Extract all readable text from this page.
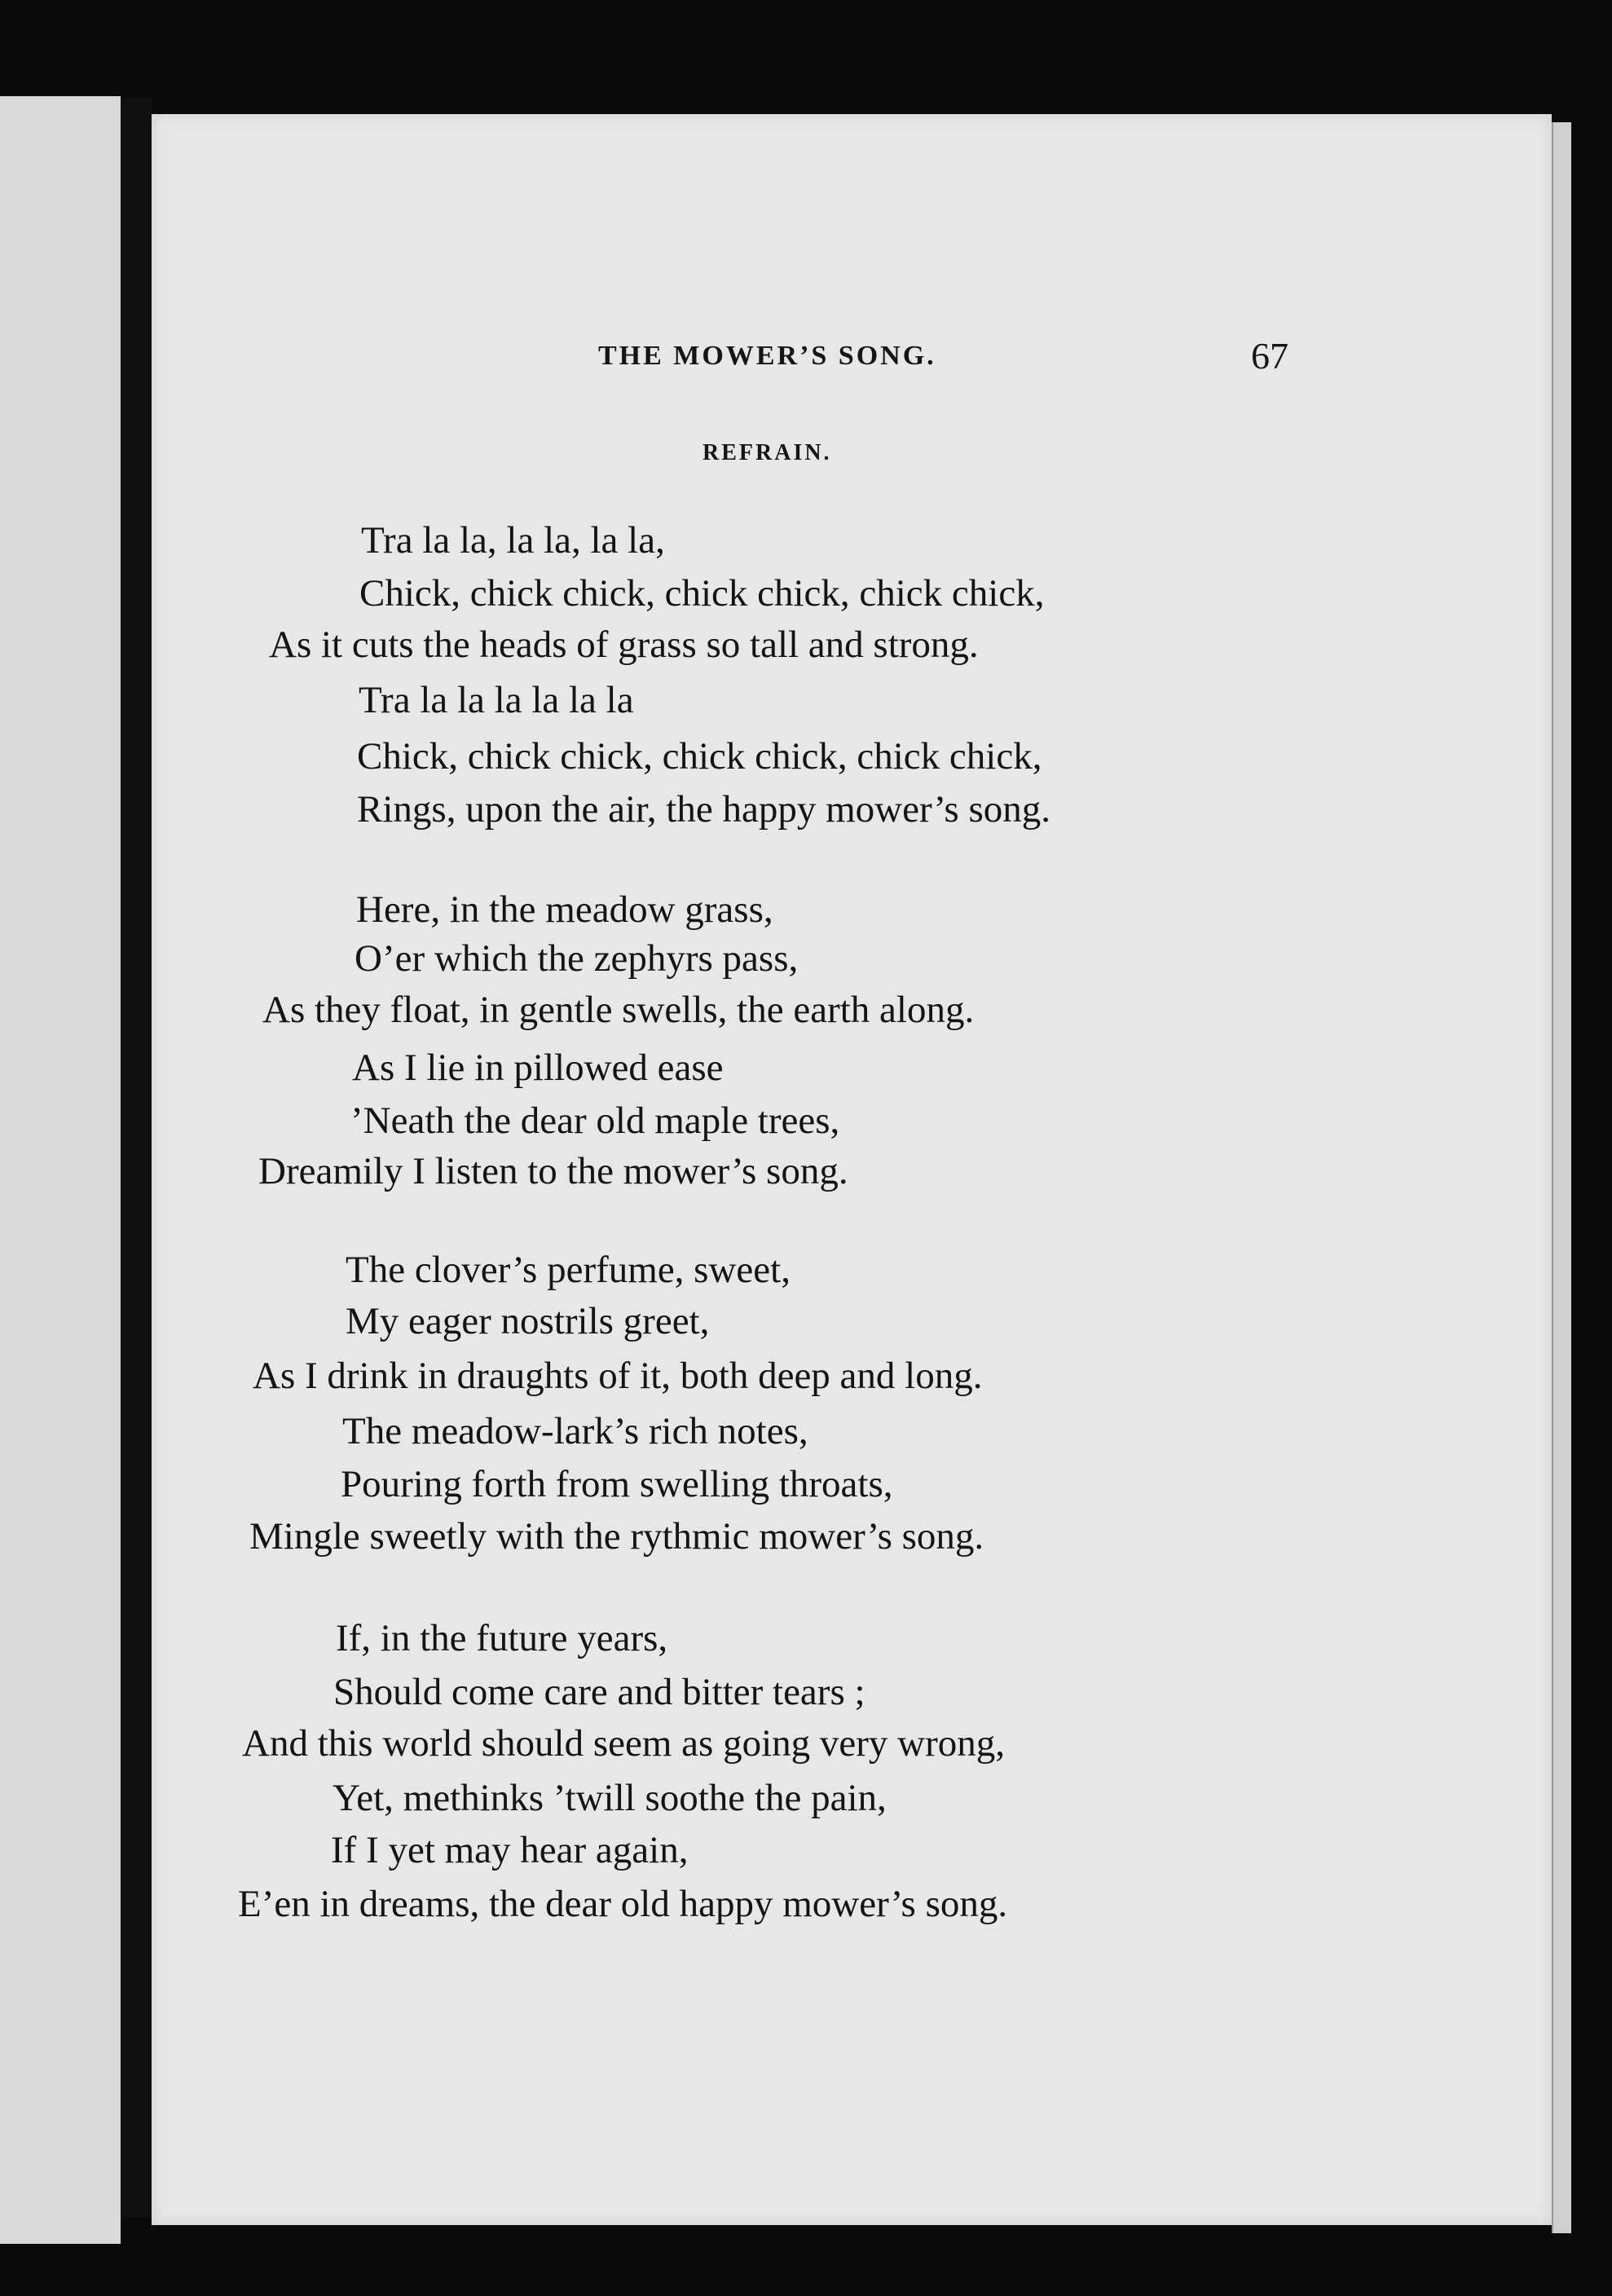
THE MOWER’S SONG.	67
REFRAIN.
Tra la la, la la, la la,
Chick, chick chick, chick chick, chick chick,
As it cuts the heads of grass so tall and strong.
Tra la la la la la la
Chick, chick chick, chick chick, chick chick,
Rings, upon the air, the happy mower’s song.
Here, in the meadow grass,
O’er which the zephyrs pass,
As they float, in gentle swells, the earth along.
As I lie in pillowed ease
’Neath the dear old maple trees,
Dreamily I listen to the mower’s song.
The clover’s perfume, sweet,
My eager nostrils greet,
As I drink in draughts of it, both deep and long.
The meadow-lark’s rich notes,
Pouring forth from swelling throats,
Mingle sweetly with the rythmic mower’s song.
If, in the future years,
Should come care and bitter tears ;
And this world should seem as going very wrong,
Yet, methinks ’twill soothe the pain,
If I yet may hear again,
E’en in dreams, the dear old happy mower’s song.
